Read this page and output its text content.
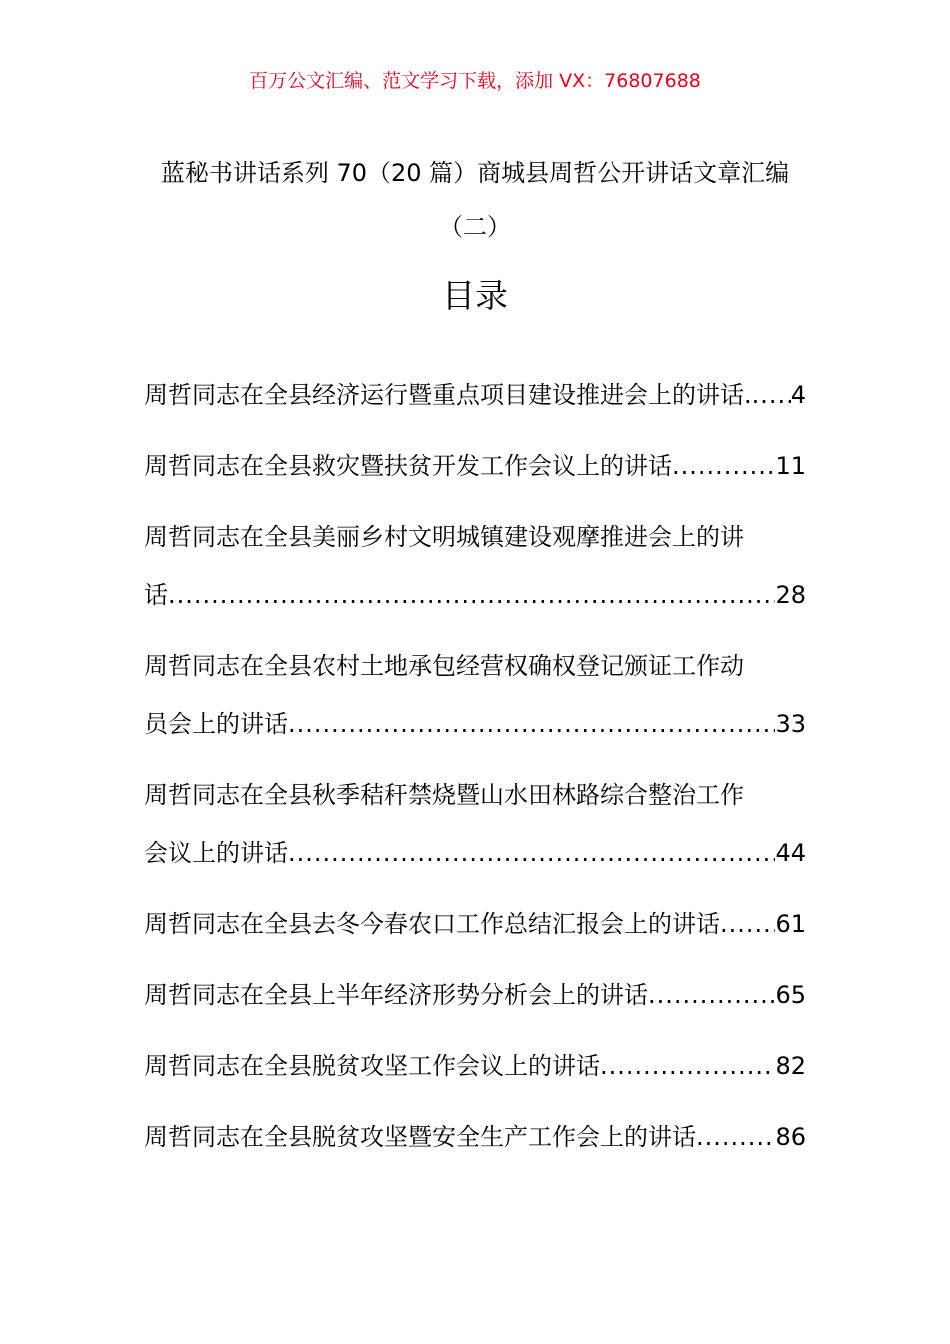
百万公文汇编、范文学习下载，添加 VX：76807688
蓝秘书讲话系列 70（20 篇）商城县周哲公开讲话文章汇编
（二）
目录
周哲同志在全县经济运行暨重点项目建设推进会上的讲话. ..... 4
周哲同志在全县救灾暨扶贫开发工作会议上的讲话 .....	11
周哲同志在全县美丽乡村文明城镇建设观摩推进会上的讲
话 .....	28
周哲同志在全县农村土地承包经营权确权登记颁证工作动
员会上的讲话 .....	33
周哲同志在全县秋季秸秆禁烧暨山水田林路综合整治工作
会议上的讲话 .....	44
周哲同志在全县去冬今春农口工作总结汇报会上的讲话 ..... 61
周哲同志在全县上半年经济形势分析会上的讲话 .....	65
周哲同志在全县脱贫攻坚工作会议上的讲话 .....	82
周哲同志在全县脱贫攻坚暨安全生产工作会上的讲话 .....	86
